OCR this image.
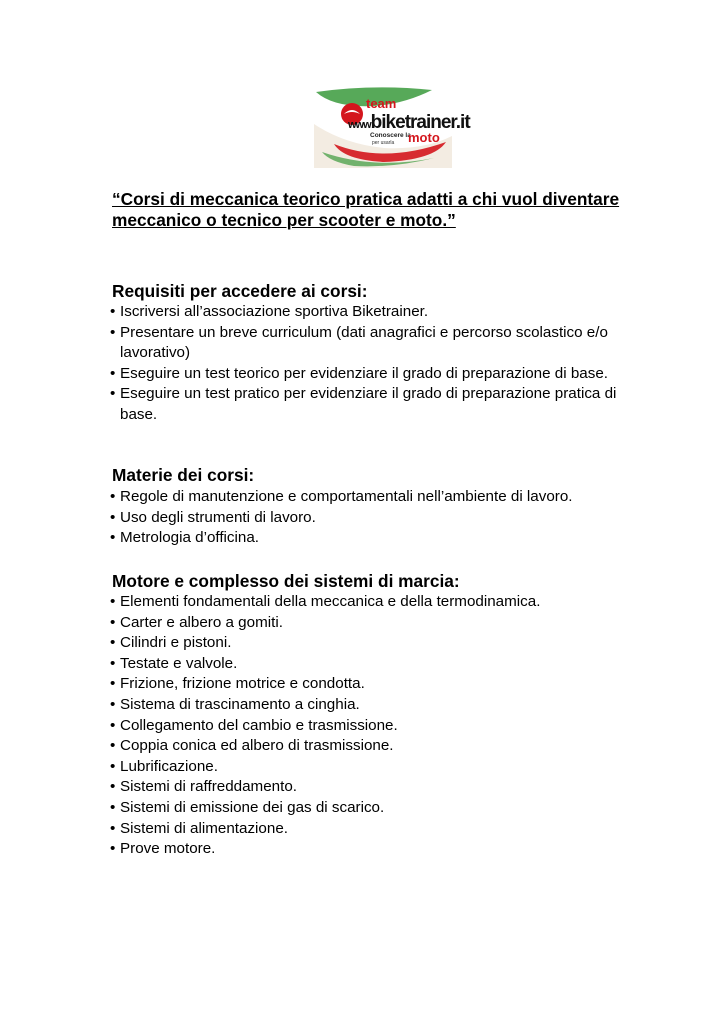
team
wwwbiketrainer.it
Conoscere la
per usarla moto

“Corsi di meccanica teorico pratica adatti a chi vuol diventare meccanico o tecnico per scooter e moto.”

Requisiti per accedere ai corsi:

• Iscriversi all’associazione sportiva Biketrainer.
• Presentare un breve curriculum (dati anagrafici e percorso scolastico e/o lavorativo)
• Eseguire un test teorico per evidenziare il grado di preparazione di base.
• Eseguire un test pratico per evidenziare il grado di preparazione pratica di base.

Materie dei corsi:

• Regole di manutenzione e comportamentali nell’ambiente di lavoro.
• Uso degli strumenti di lavoro.
• Metrologia d’officina.

Motore e complesso dei sistemi di marcia:

• Elementi fondamentali della meccanica e della termodinamica.
• Carter e albero a gomiti.
• Cilindri e pistoni.
• Testate e valvole.
• Frizione, frizione motrice e condotta.
• Sistema di trascinamento a cinghia.
• Collegamento del cambio e trasmissione.
• Coppia conica ed albero di trasmissione.
• Lubrificazione.
• Sistemi di raffreddamento.
• Sistemi di emissione dei gas di scarico.
• Sistemi di alimentazione.
• Prove motore.
